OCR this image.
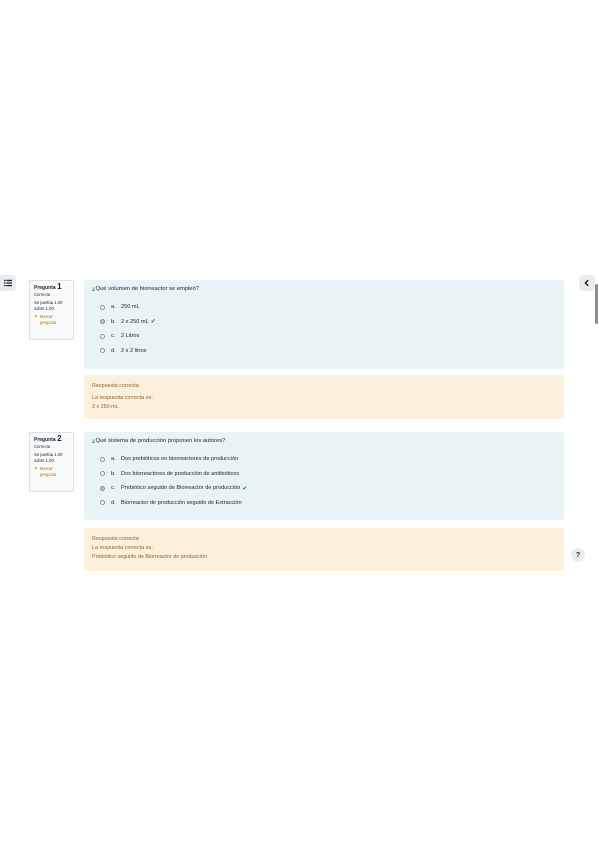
Pregunta 1
Correcta
Se puntúa 1,00 sobre 1,00
⚑ Marcar pregunta
¿Qué volumen de biorreactor se empleó?
a. 250 mL
b. 2 x 250 mL ✔
c.	2 Litros
d. 2 x 2 litros
Respuesta correcta
La respuesta correcta es:
2 x 250 mL
Pregunta 2
Correcta
Se puntúa 1,00 sobre 1,00
⚑ Marcar pregunta
¿Qué sistema de producción proponen los autores?
a. Dos prebióticos en biorreactores de producción
b. Dos biorreactores de producción de antibióticos
c.	Prebiótico seguido de Biorreactor de producción ✔
d. Biorreactor de producción seguido de Extracción
Respuesta correcta
La respuesta correcta es:
Prebiótico seguido de Biorreactor de producción	?
